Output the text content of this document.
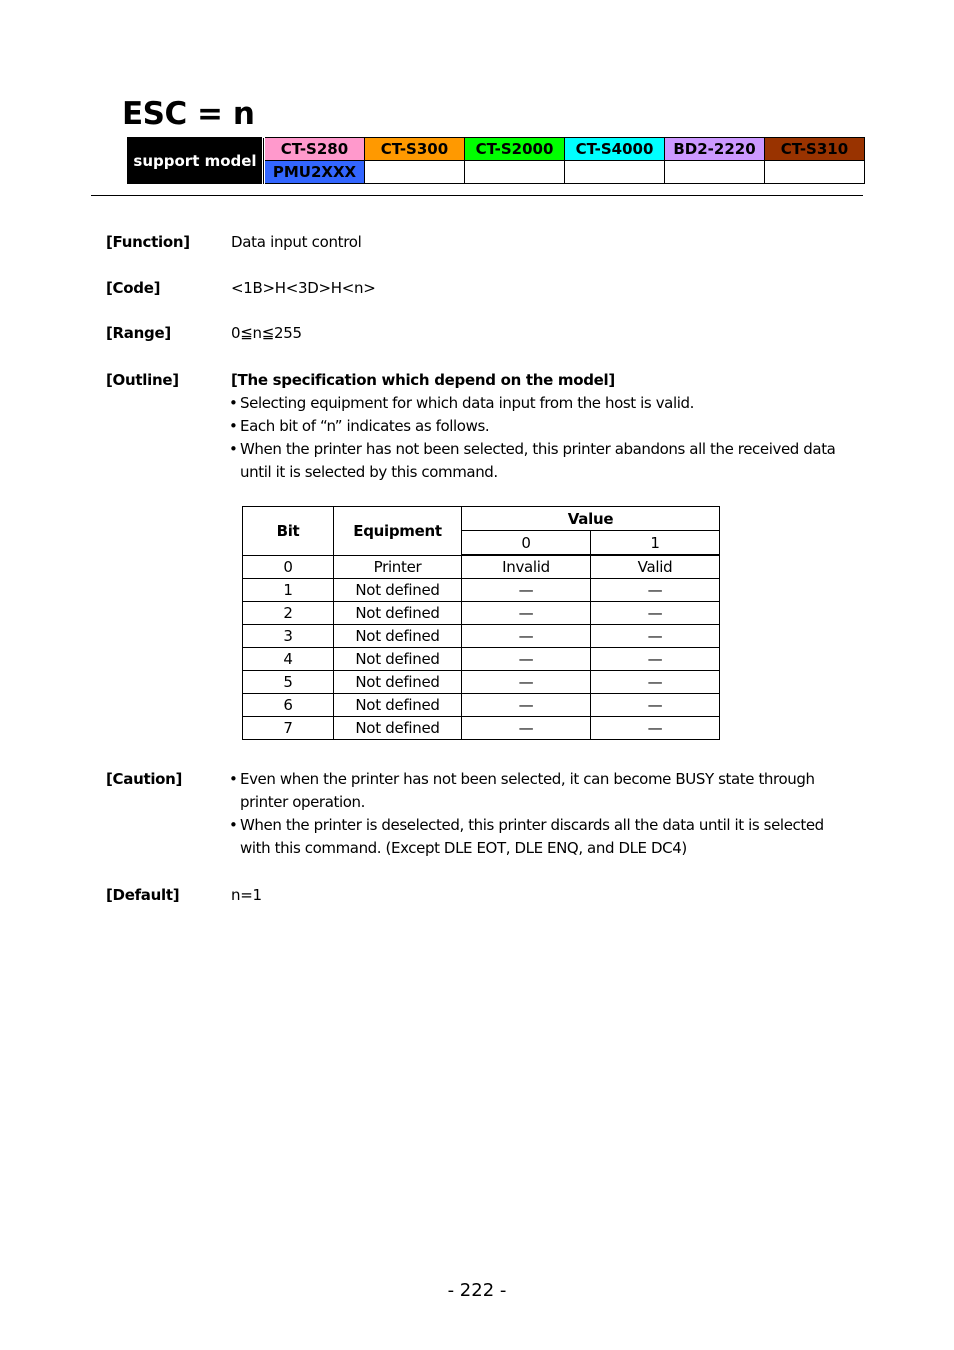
ESC = n
support model	CT-S280	CT-S300	CT-S2000	CT-S4000	BD2-2220	CT-S310
	PMU2XXX					
[Function]	Data input control
[Code]	<1B>H<3D>H<n>
[Range]	0≦n≦255
[Outline]	[The specification which depend on the model]
• Selecting equipment for which data input from the host is valid.
• Each bit of “n” indicates as follows.
• When the printer has not been selected, this printer abandons all the received data until it is selected by this command.
Bit	Equipment	Value	
		0	1
0	Printer	Invalid	Valid
1	Not defined	—	—
2	Not defined	—	—
3	Not defined	—	—
4	Not defined	—	—
5	Not defined	—	—
6	Not defined	—	—
7	Not defined	—	—
[Caution]	• Even when the printer has not been selected, it can become BUSY state through printer operation.
• When the printer is deselected, this printer discards all the data until it is selected with this command. (Except DLE EOT, DLE ENQ, and DLE DC4)
[Default]	n=1
- 222 -
